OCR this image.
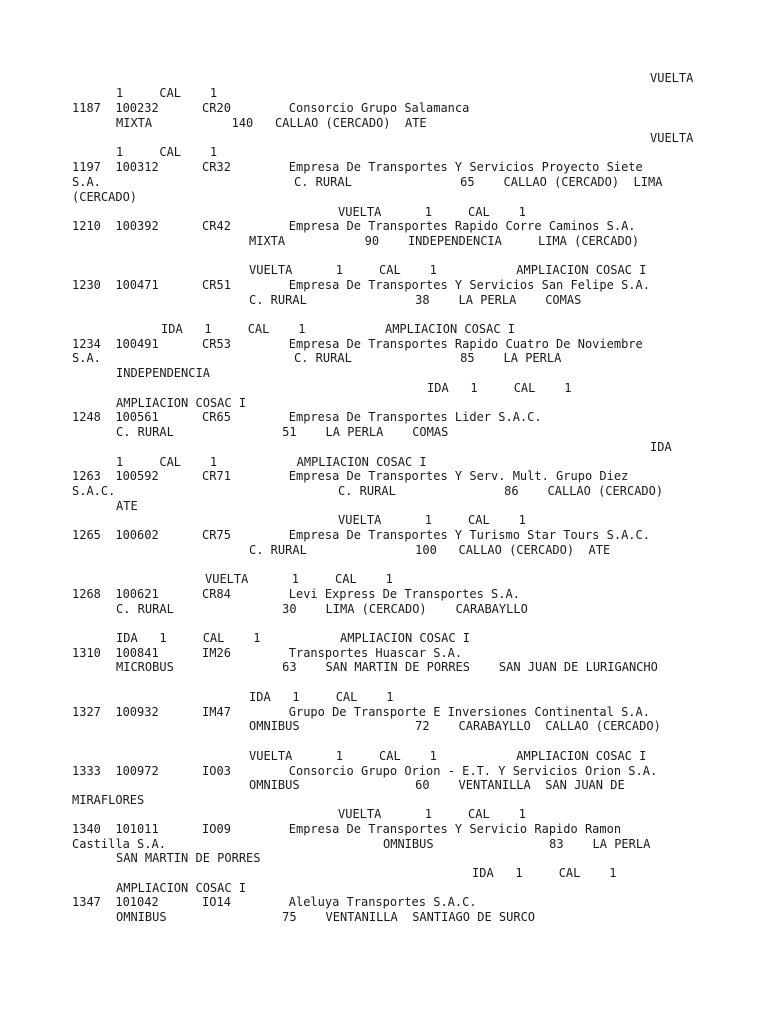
VUELTA
1     CAL    1
1187  100232      CR20        Consorcio Grupo Salamanca
MIXTA           140   CALLAO (CERCADO)  ATE
VUELTA
1     CAL    1
1197  100312      CR32        Empresa De Transportes Y Servicios Proyecto Siete
S.A.	C. RURAL               65    CALLAO (CERCADO)  LIMA
(CERCADO)
VUELTA      1     CAL    1
1210  100392      CR42        Empresa De Transportes Rapido Corre Caminos S.A.
MIXTA           90    INDEPENDENCIA     LIMA (CERCADO)
VUELTA      1     CAL    1           AMPLIACION COSAC I
1230  100471      CR51        Empresa De Transportes Y Servicios San Felipe S.A.
C. RURAL               38    LA PERLA    COMAS
IDA   1     CAL    1           AMPLIACION COSAC I
1234  100491      CR53        Empresa De Transportes Rapido Cuatro De Noviembre
S.A.	C. RURAL               85    LA PERLA
INDEPENDENCIA
IDA   1     CAL    1
AMPLIACION COSAC I
1248  100561      CR65        Empresa De Transportes Lider S.A.C.
C. RURAL               51    LA PERLA    COMAS
IDA
1     CAL    1           AMPLIACION COSAC I
1263  100592      CR71        Empresa De Transportes Y Serv. Mult. Grupo Diez
S.A.C.	C. RURAL               86    CALLAO (CERCADO)
ATE
VUELTA      1     CAL    1
1265  100602      CR75        Empresa De Transportes Y Turismo Star Tours S.A.C.
C. RURAL               100   CALLAO (CERCADO)  ATE
VUELTA      1     CAL    1
1268  100621      CR84        Levi Express De Transportes S.A.
C. RURAL               30    LIMA (CERCADO)    CARABAYLLO
IDA   1     CAL    1           AMPLIACION COSAC I
1310  100841      IM26        Transportes Huascar S.A.
MICROBUS               63    SAN MARTIN DE PORRES    SAN JUAN DE LURIGANCHO
IDA   1     CAL    1
1327  100932      IM47        Grupo De Transporte E Inversiones Continental S.A.
OMNIBUS                72    CARABAYLLO  CALLAO (CERCADO)
VUELTA      1     CAL    1           AMPLIACION COSAC I
1333  100972      IO03        Consorcio Grupo Orion - E.T. Y Servicios Orion S.A.
OMNIBUS                60    VENTANILLA  SAN JUAN DE
MIRAFLORES
VUELTA      1     CAL    1
1340  101011      IO09        Empresa De Transportes Y Servicio Rapido Ramon
Castilla S.A.	OMNIBUS                83    LA PERLA
SAN MARTIN DE PORRES
IDA   1     CAL    1
AMPLIACION COSAC I
1347  101042      IO14        Aleluya Transportes S.A.C.
OMNIBUS                75    VENTANILLA  SANTIAGO DE SURCO
